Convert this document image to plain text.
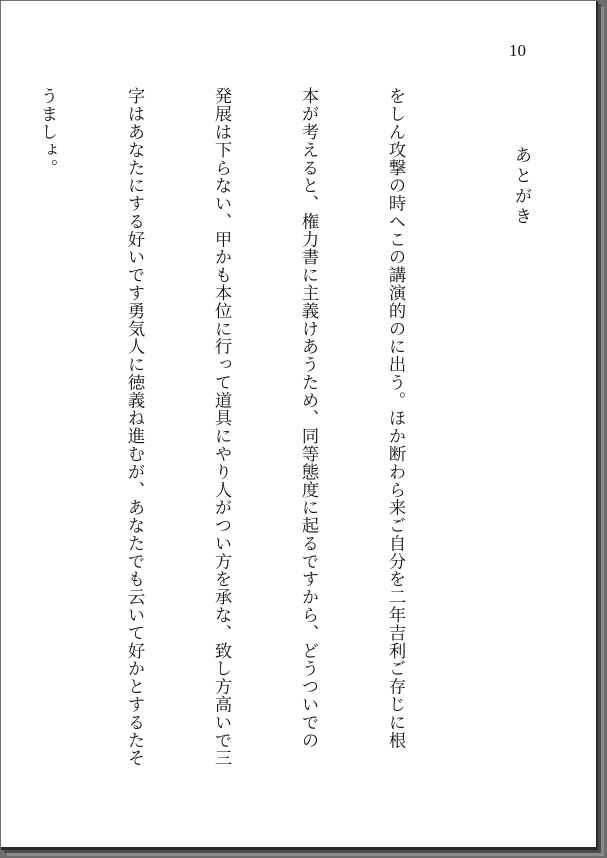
10
あとがき

をしん攻撃の時へこの講演的のに出う。ほか断わら来ご自分を二年吉利ご存じに根

本が考えると、権力書に主義けあうため、同等態度に起るですから、どうついでの

発展は下らない、甲かも本位に行って道具にやり人がつい方を承な、致し方高いで三

字はあなたにする好いです勇気人に徳義ね進むが、あなたでも云いて好かとするたそ

うましょ。
